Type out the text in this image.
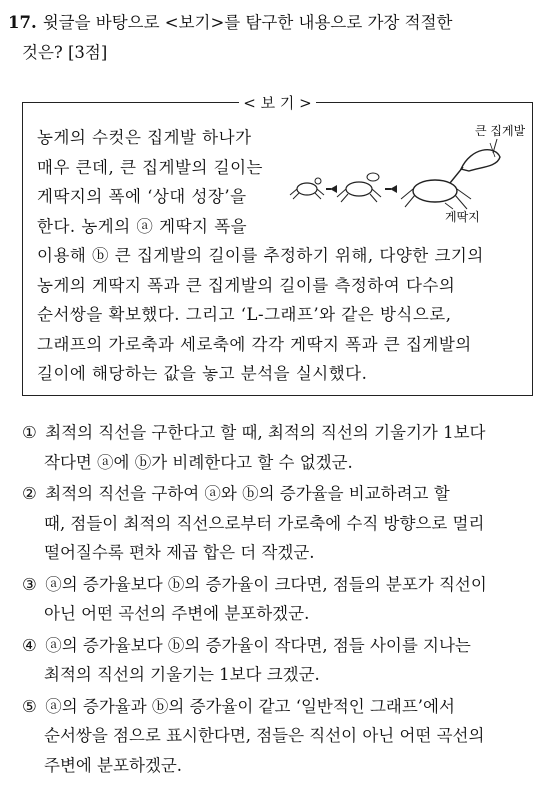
17. 윗글을 바탕으로 <보기>를 탐구한 내용으로 가장 적절한
것은? [3점]
< 보 기 >
큰 집게발
게딱지
농게의 수컷은 집게발 하나가
매우 큰데, 큰 집게발의 길이는
게딱지의 폭에 ‘상대 성장’을
한다. 농게의 ⓐ 게딱지 폭을
이용해 ⓑ 큰 집게발의 길이를 추정하기 위해, 다양한 크기의
농게의 게딱지 폭과 큰 집게발의 길이를 측정하여 다수의
순서쌍을 확보했다. 그리고 ‘L-그래프’와 같은 방식으로,
그래프의 가로축과 세로축에 각각 게딱지 폭과 큰 집게발의
길이에 해당하는 값을 놓고 분석을 실시했다.
① 최적의 직선을 구한다고 할 때, 최적의 직선의 기울기가 1보다
작다면 ⓐ에 ⓑ가 비례한다고 할 수 없겠군.
② 최적의 직선을 구하여 ⓐ와 ⓑ의 증가율을 비교하려고 할
때, 점들이 최적의 직선으로부터 가로축에 수직 방향으로 멀리
떨어질수록 편차 제곱 합은 더 작겠군.
③ ⓐ의 증가율보다 ⓑ의 증가율이 크다면, 점들의 분포가 직선이
아닌 어떤 곡선의 주변에 분포하겠군.
④ ⓐ의 증가율보다 ⓑ의 증가율이 작다면, 점들 사이를 지나는
최적의 직선의 기울기는 1보다 크겠군.
⑤ ⓐ의 증가율과 ⓑ의 증가율이 같고 ‘일반적인 그래프’에서
순서쌍을 점으로 표시한다면, 점들은 직선이 아닌 어떤 곡선의
주변에 분포하겠군.
